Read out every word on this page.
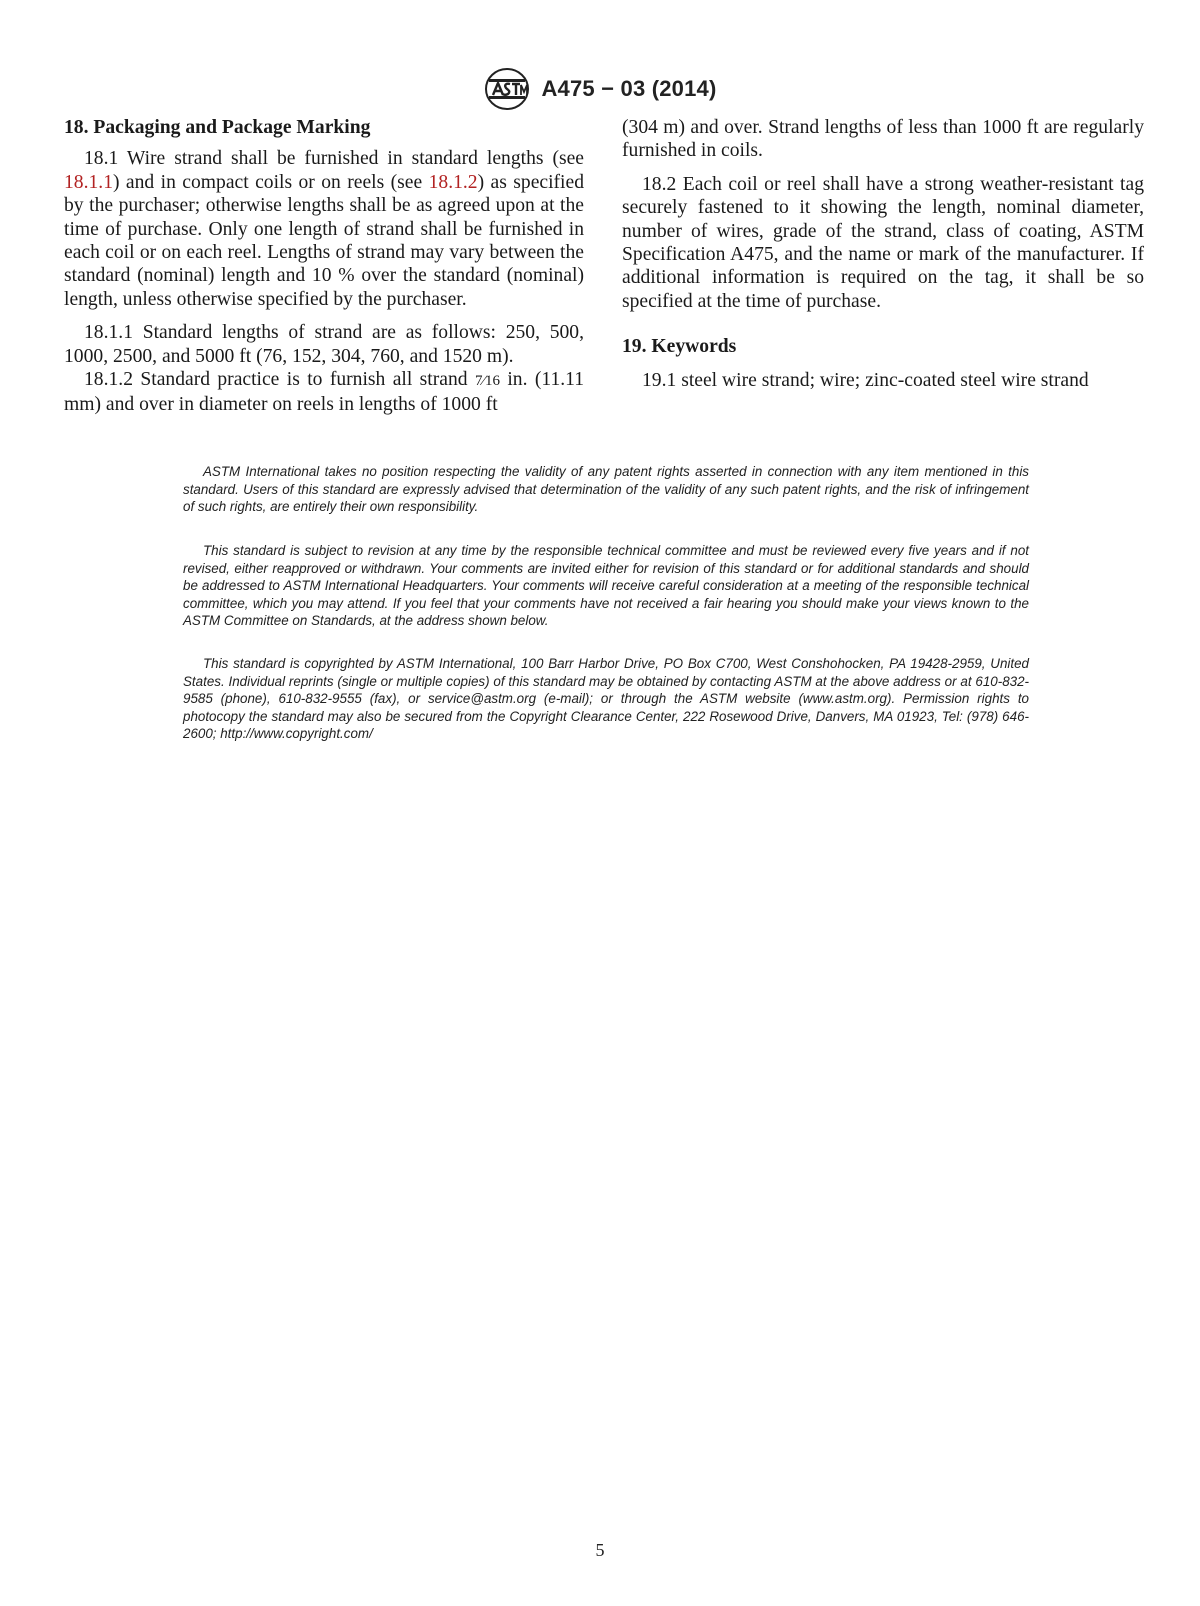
A475 − 03 (2014)
18. Packaging and Package Marking

18.1 Wire strand shall be furnished in standard lengths (see 18.1.1) and in compact coils or on reels (see 18.1.2) as specified by the purchaser; otherwise lengths shall be as agreed upon at the time of purchase. Only one length of strand shall be furnished in each coil or on each reel. Lengths of strand may vary between the standard (nominal) length and 10 % over the standard (nominal) length, unless otherwise specified by the purchaser.

18.1.1 Standard lengths of strand are as follows: 250, 500, 1000, 2500, and 5000 ft (76, 152, 304, 760, and 1520 m).

18.1.2 Standard practice is to furnish all strand 7⁄16 in. (11.11 mm) and over in diameter on reels in lengths of 1000 ft

(304 m) and over. Strand lengths of less than 1000 ft are regularly furnished in coils.

18.2 Each coil or reel shall have a strong weather-resistant tag securely fastened to it showing the length, nominal diameter, number of wires, grade of the strand, class of coating, ASTM Specification A475, and the name or mark of the manufacturer. If additional information is required on the tag, it shall be so specified at the time of purchase.

19. Keywords

19.1 steel wire strand; wire; zinc-coated steel wire strand

ASTM International takes no position respecting the validity of any patent rights asserted in connection with any item mentioned in this standard. Users of this standard are expressly advised that determination of the validity of any such patent rights, and the risk of infringement of such rights, are entirely their own responsibility.

This standard is subject to revision at any time by the responsible technical committee and must be reviewed every five years and if not revised, either reapproved or withdrawn. Your comments are invited either for revision of this standard or for additional standards and should be addressed to ASTM International Headquarters. Your comments will receive careful consideration at a meeting of the responsible technical committee, which you may attend. If you feel that your comments have not received a fair hearing you should make your views known to the ASTM Committee on Standards, at the address shown below.

This standard is copyrighted by ASTM International, 100 Barr Harbor Drive, PO Box C700, West Conshohocken, PA 19428-2959, United States. Individual reprints (single or multiple copies) of this standard may be obtained by contacting ASTM at the above address or at 610-832-9585 (phone), 610-832-9555 (fax), or service@astm.org (e-mail); or through the ASTM website (www.astm.org). Permission rights to photocopy the standard may also be secured from the Copyright Clearance Center, 222 Rosewood Drive, Danvers, MA 01923, Tel: (978) 646-2600; http://www.copyright.com/

5
